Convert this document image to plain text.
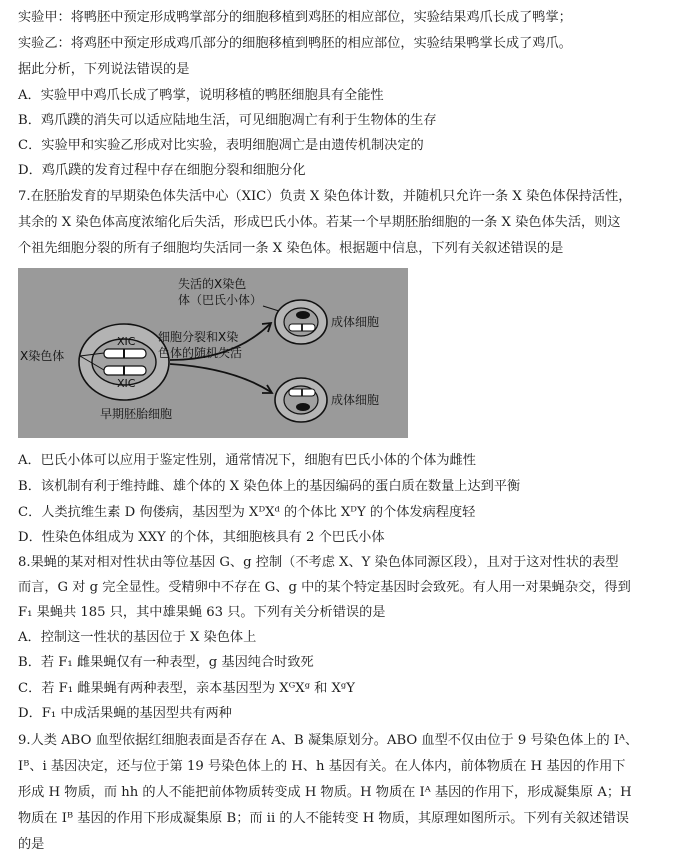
实验甲：将鸭胚中预定形成鸭掌部分的细胞移植到鸡胚的相应部位，实验结果鸡爪长成了鸭掌；
实验乙：将鸡胚中预定形成鸡爪部分的细胞移植到鸭胚的相应部位，实验结果鸭掌长成了鸡爪。
据此分析，下列说法错误的是
A．实验甲中鸡爪长成了鸭掌，说明移植的鸭胚细胞具有全能性
B．鸡爪蹼的消失可以适应陆地生活，可见细胞凋亡有利于生物体的生存
C．实验甲和实验乙形成对比实验，表明细胞凋亡是由遗传机制决定的
D．鸡爪蹼的发育过程中存在细胞分裂和细胞分化
7.在胚胎发育的早期染色体失活中心（XIC）负责 X 染色体计数，并随机只允许一条 X 染色体保持活性，
其余的 X 染色体高度浓缩化后失活，形成巴氏小体。若某一个早期胚胎细胞的一条 X 染色体失活，则这
个祖先细胞分裂的所有子细胞均失活同一条 X 染色体。根据题中信息，下列有关叙述错误的是
X染色体
XIC
XIC
早期胚胎细胞
细胞分裂和X染
色体的随机失活
失活的X染色
体（巴氏小体）
成体细胞
成体细胞
A．巴氏小体可以应用于鉴定性别，通常情况下，细胞有巴氏小体的个体为雌性
B．该机制有利于维持雌、雄个体的 X 染色体上的基因编码的蛋白质在数量上达到平衡
C．人类抗维生素 D 佝偻病，基因型为 XᴰXᵈ 的个体比 XᴰY 的个体发病程度轻
D．性染色体组成为 XXY 的个体，其细胞核具有 2 个巴氏小体
8.果蝇的某对相对性状由等位基因 G、g 控制（不考虑 X、Y 染色体同源区段），且对于这对性状的表型
而言，G 对 g 完全显性。受精卵中不存在 G、g 中的某个特定基因时会致死。有人用一对果蝇杂交，得到
F₁ 果蝇共 185 只，其中雄果蝇 63 只。下列有关分析错误的是
A．控制这一性状的基因位于 X 染色体上
B．若 F₁ 雌果蝇仅有一种表型，g 基因纯合时致死
C．若 F₁ 雌果蝇有两种表型，亲本基因型为 XᴳXᵍ 和 XᵍY
D．F₁ 中成活果蝇的基因型共有两种
9.人类 ABO 血型依据红细胞表面是否存在 A、B 凝集原划分。ABO 血型不仅由位于 9 号染色体上的 Iᴬ、
Iᴮ、i 基因决定，还与位于第 19 号染色体上的 H、h 基因有关。在人体内，前体物质在 H 基因的作用下
形成 H 物质，而 hh 的人不能把前体物质转变成 H 物质。H 物质在 Iᴬ 基因的作用下，形成凝集原 A；H
物质在 Iᴮ 基因的作用下形成凝集原 B；而 ii 的人不能转变 H 物质，其原理如图所示。下列有关叙述错误
的是
